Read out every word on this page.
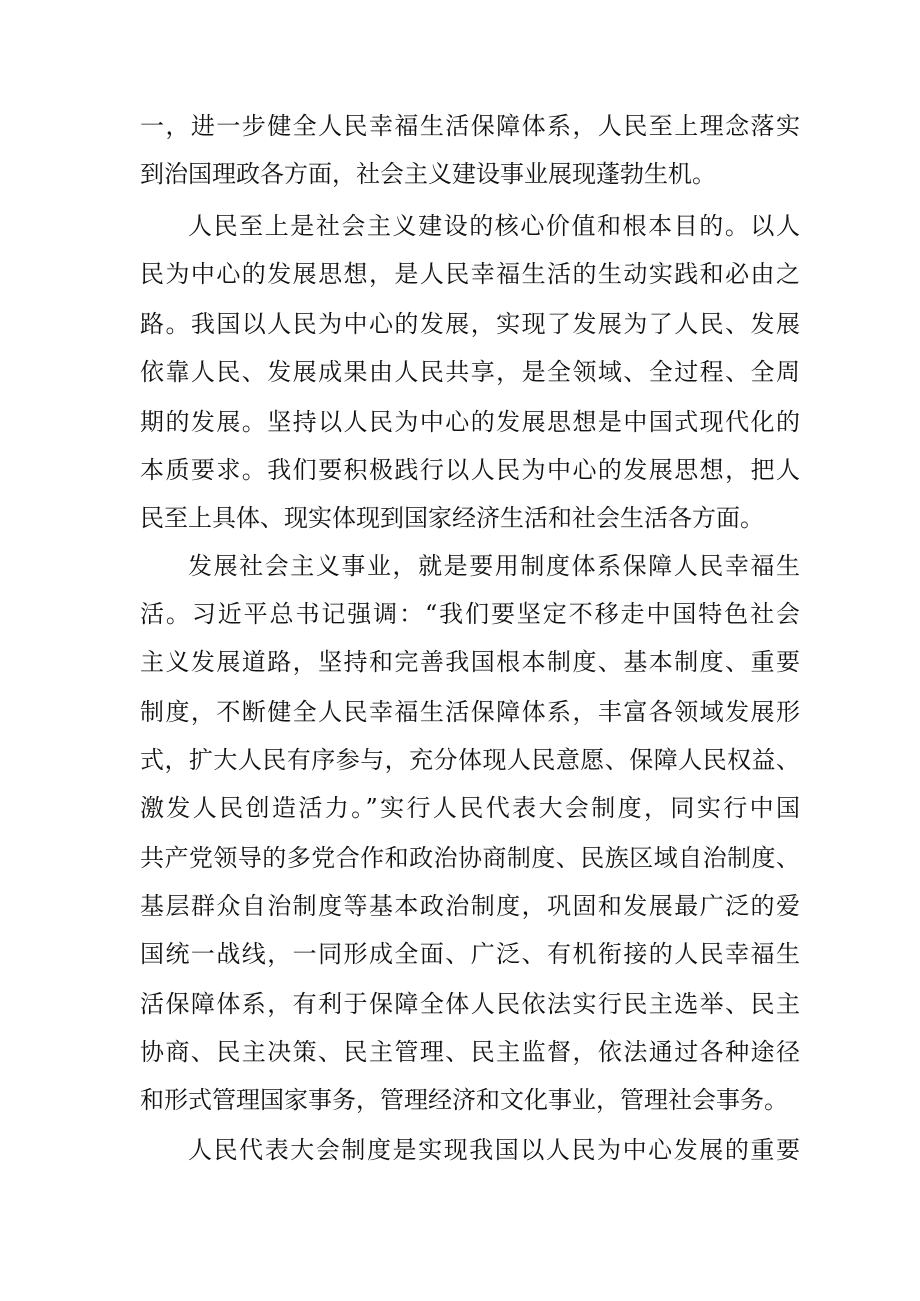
一，进一步健全人民幸福生活保障体系，人民至上理念落实
到治国理政各方面，社会主义建设事业展现蓬勃生机。
人民至上是社会主义建设的核心价值和根本目的。以人
民为中心的发展思想，是人民幸福生活的生动实践和必由之
路。我国以人民为中心的发展，实现了发展为了人民、发展
依靠人民、发展成果由人民共享，是全领域、全过程、全周
期的发展。坚持以人民为中心的发展思想是中国式现代化的
本质要求。我们要积极践行以人民为中心的发展思想，把人
民至上具体、现实体现到国家经济生活和社会生活各方面。
发展社会主义事业，就是要用制度体系保障人民幸福生
活。习近平总书记强调：“我们要坚定不移走中国特色社会
主义发展道路，坚持和完善我国根本制度、基本制度、重要
制度，不断健全人民幸福生活保障体系，丰富各领域发展形
式，扩大人民有序参与，充分体现人民意愿、保障人民权益、
激发人民创造活力。”实行人民代表大会制度，同实行中国
共产党领导的多党合作和政治协商制度、民族区域自治制度、
基层群众自治制度等基本政治制度，巩固和发展最广泛的爱
国统一战线，一同形成全面、广泛、有机衔接的人民幸福生
活保障体系，有利于保障全体人民依法实行民主选举、民主
协商、民主决策、民主管理、民主监督，依法通过各种途径
和形式管理国家事务，管理经济和文化事业，管理社会事务。
人民代表大会制度是实现我国以人民为中心发展的重要
